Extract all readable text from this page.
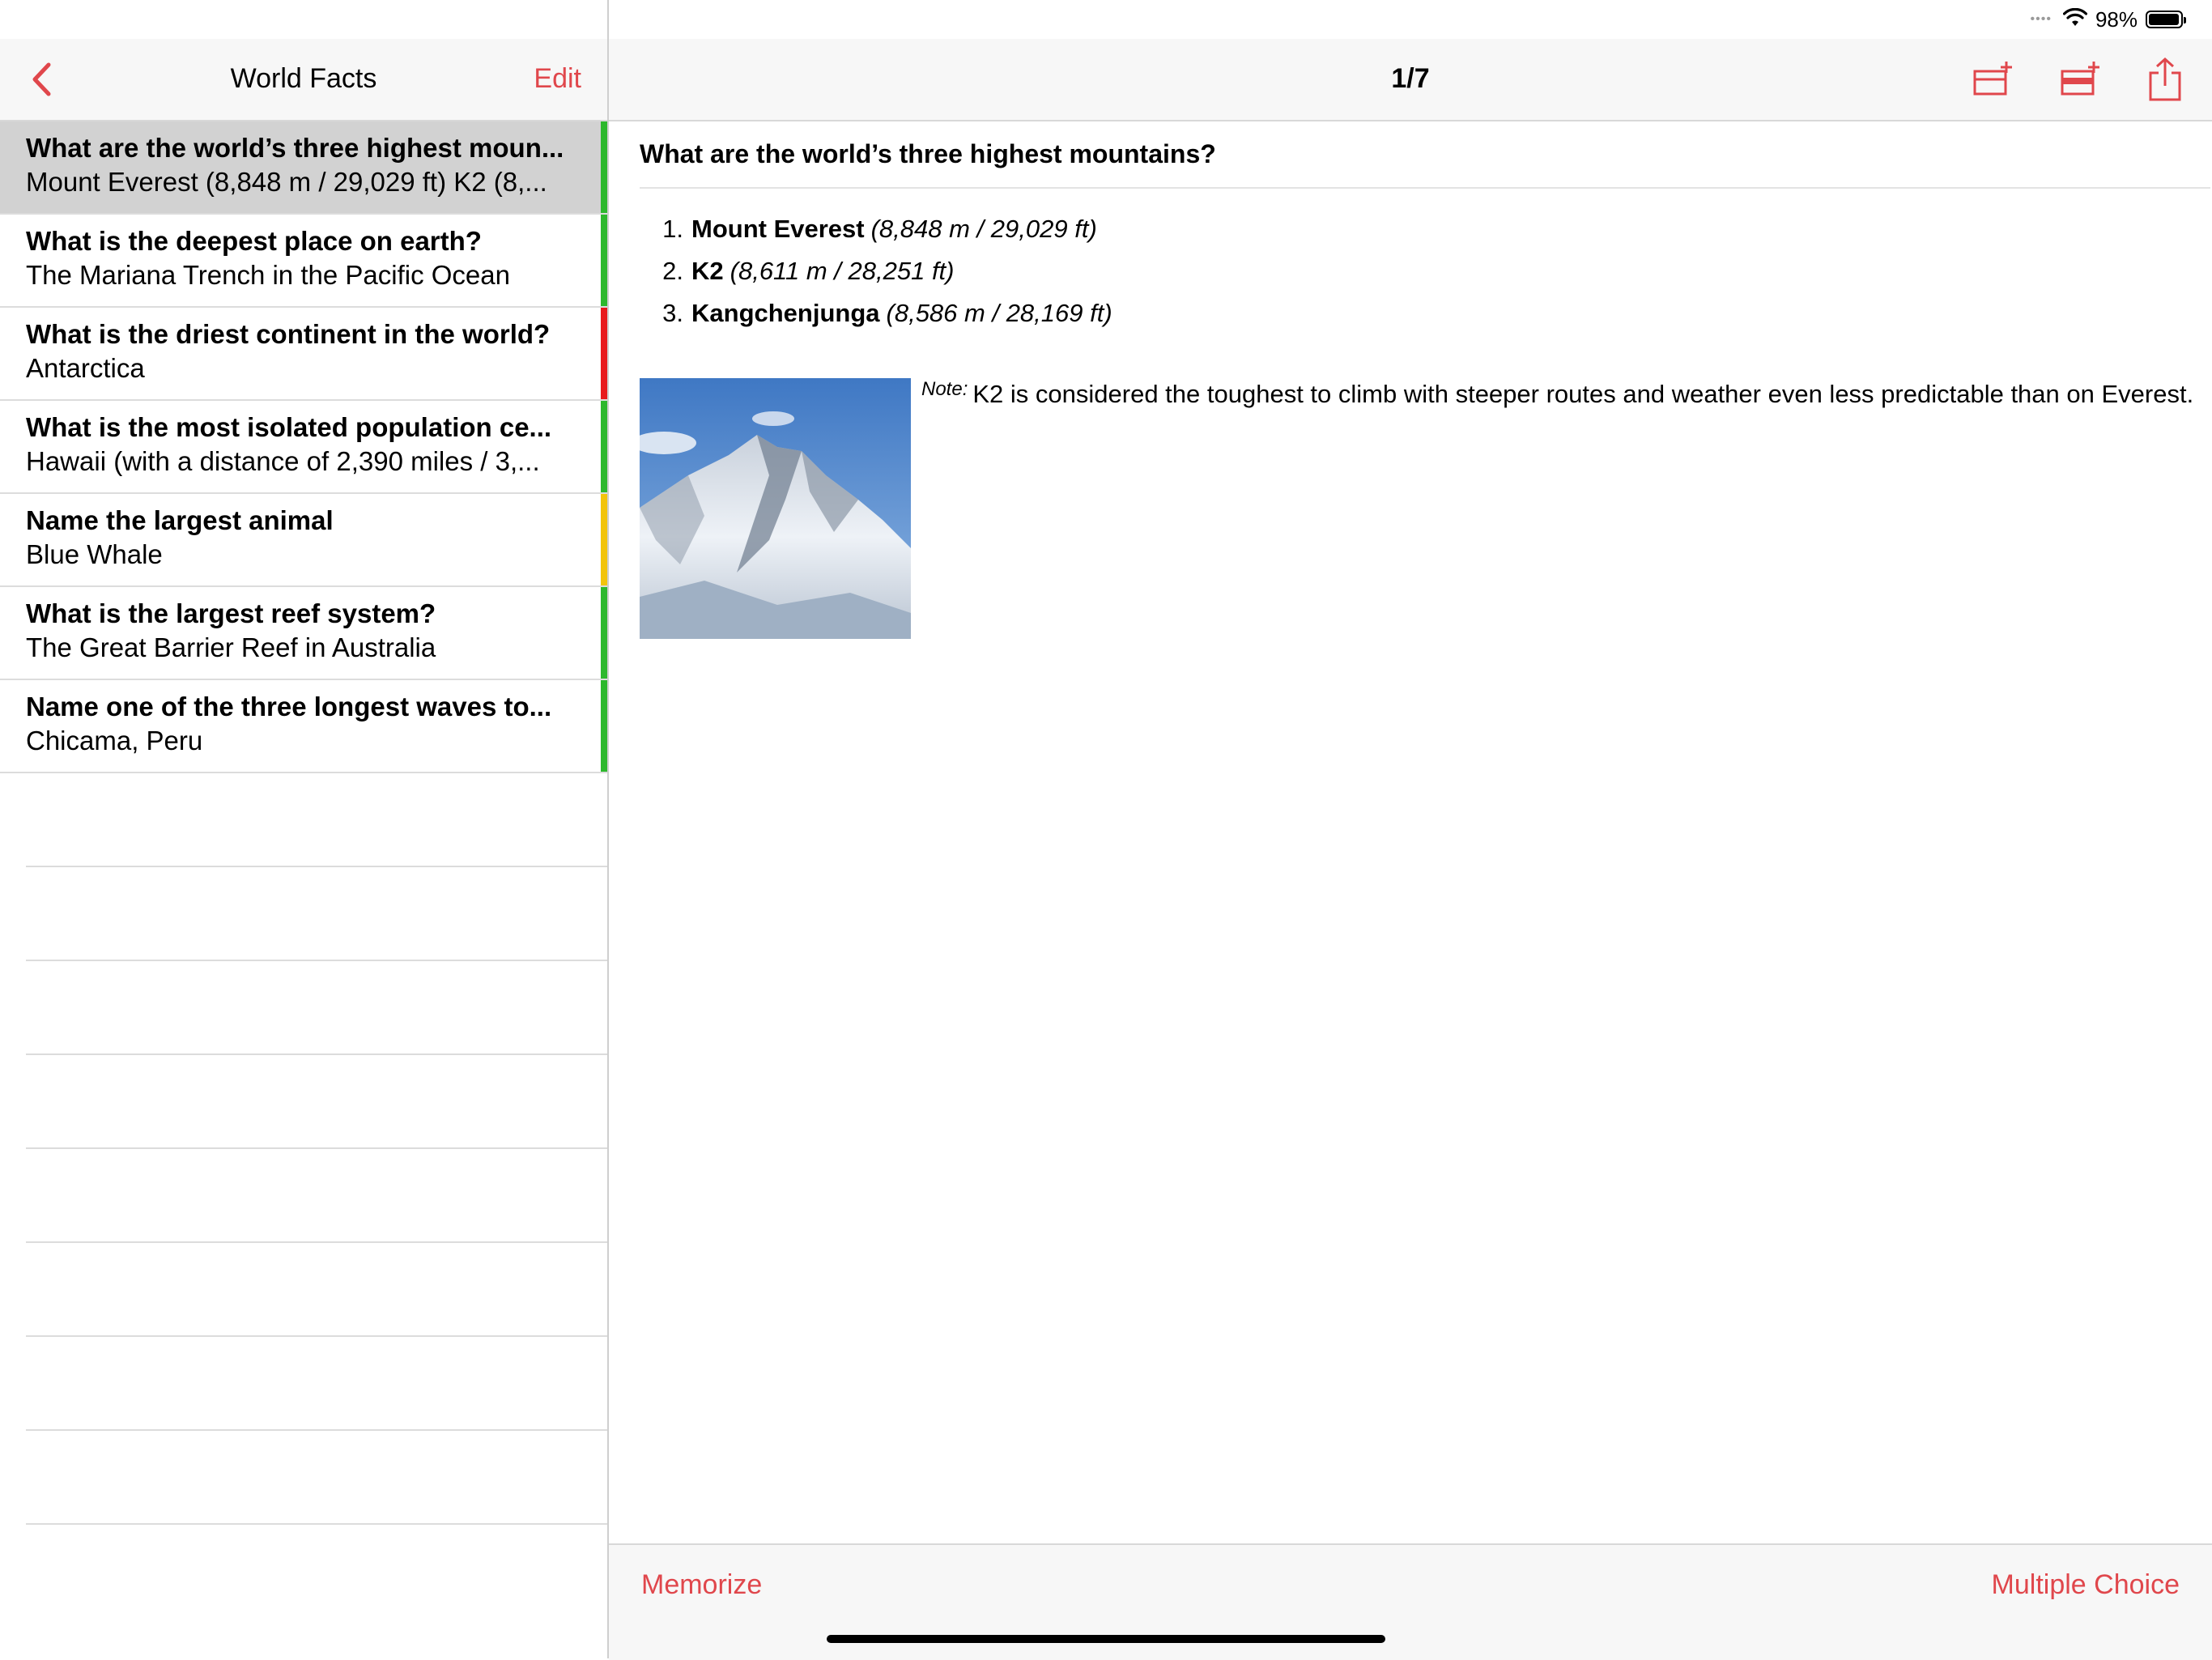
•••• 98%
World Facts	Edit
What are the world’s three highest moun...
Mount Everest (8,848 m / 29,029 ft) K2 (8,...
What is the deepest place on earth?
The Mariana Trench in the Pacific Ocean
What is the driest continent in the world?
Antarctica
What is the most isolated population ce...
Hawaii (with a distance of 2,390 miles / 3,...
Name the largest animal
Blue Whale
What is the largest reef system?
The Great Barrier Reef in Australia
Name one of the three longest waves to...
Chicama, Peru
1/7
What are the world’s three highest mountains?
1. Mount Everest (8,848 m / 29,029 ft)
2. K2 (8,611 m / 28,251 ft)
3. Kangchenjunga (8,586 m / 28,169 ft)
$^{Note:}$ K2 is considered the toughest to climb with steeper routes and weather even less predictable than on Everest.
Memorize	Multiple Choice
